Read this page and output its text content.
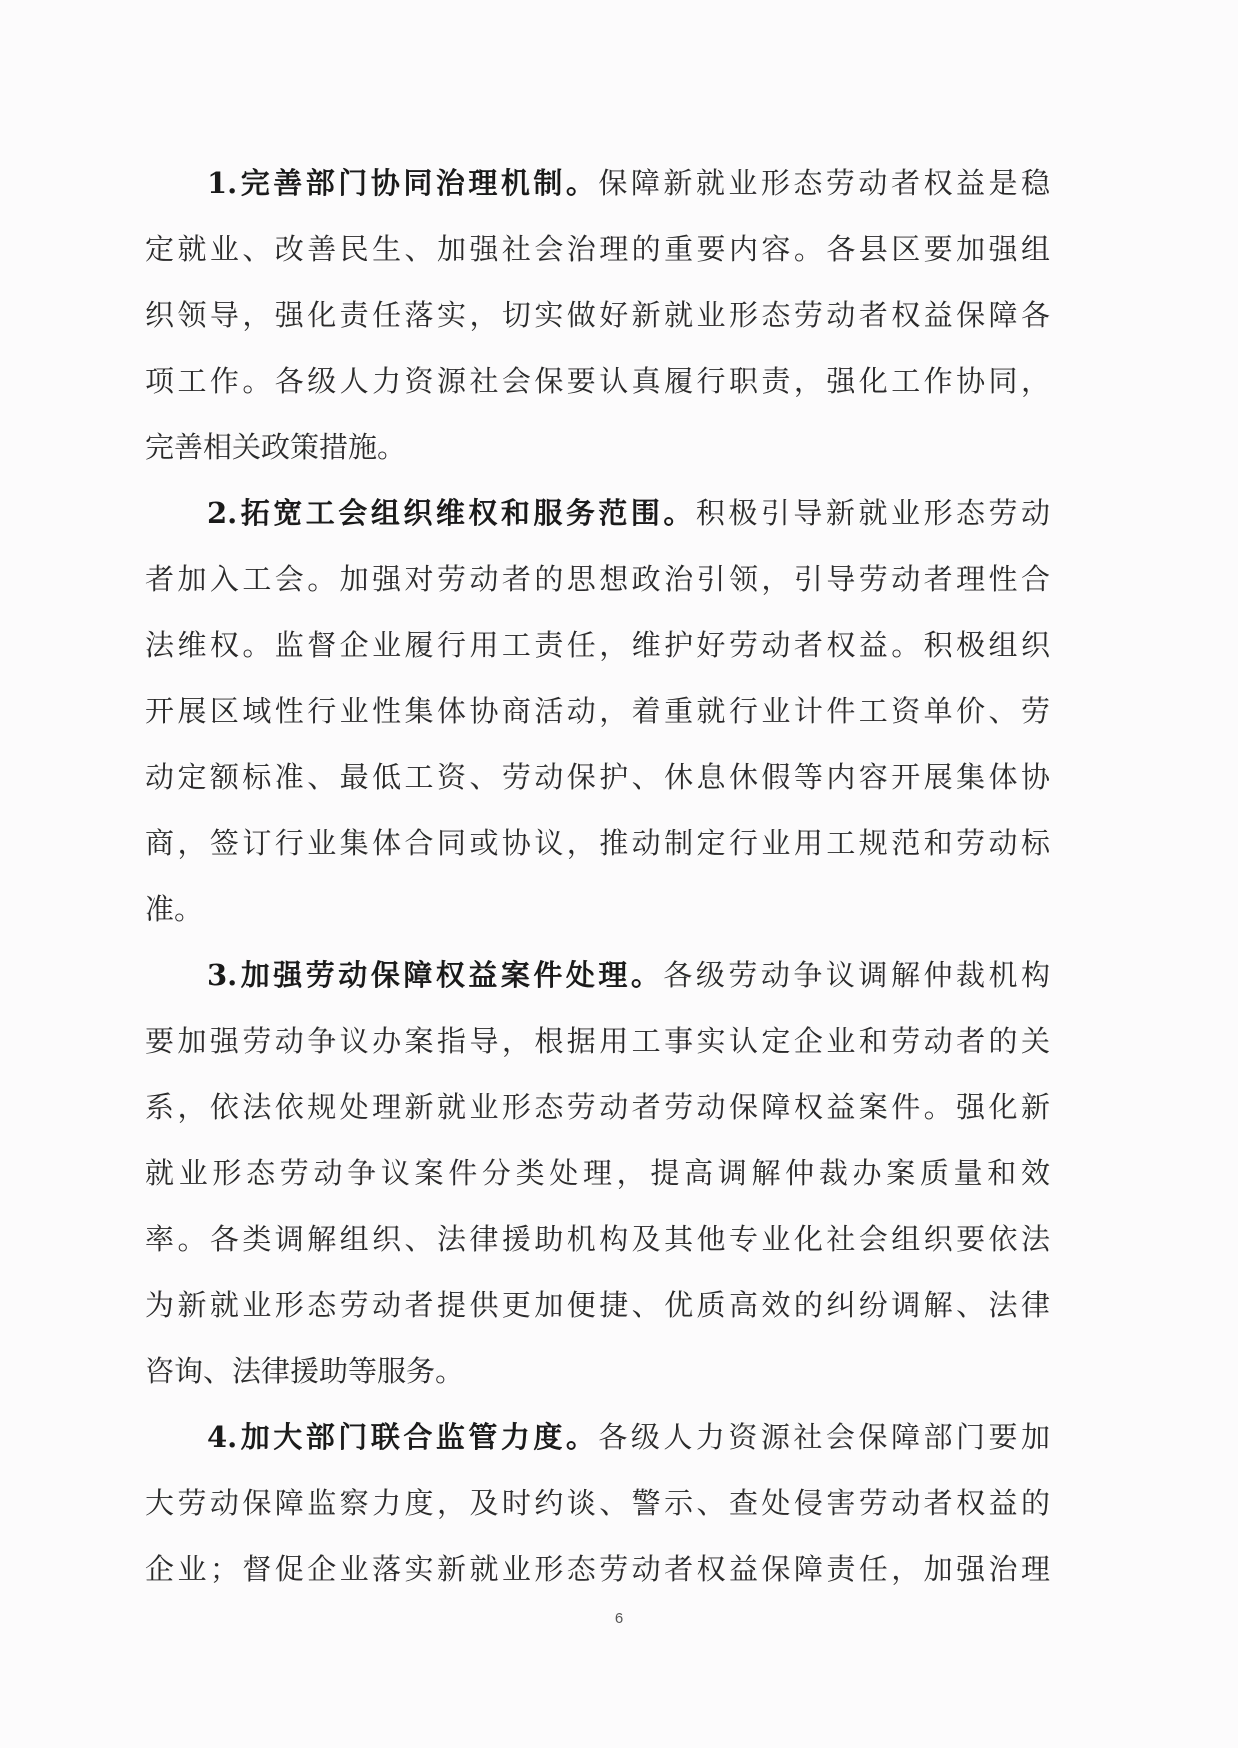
1.完善部门协同治理机制。保障新就业形态劳动者权益是稳
定就业、改善民生、加强社会治理的重要内容。各县区要加强组
织领导，强化责任落实，切实做好新就业形态劳动者权益保障各
项工作。各级人力资源社会保要认真履行职责，强化工作协同，
完善相关政策措施。
2.拓宽工会组织维权和服务范围。积极引导新就业形态劳动
者加入工会。加强对劳动者的思想政治引领，引导劳动者理性合
法维权。监督企业履行用工责任，维护好劳动者权益。积极组织
开展区域性行业性集体协商活动，着重就行业计件工资单价、劳
动定额标准、最低工资、劳动保护、休息休假等内容开展集体协
商，签订行业集体合同或协议，推动制定行业用工规范和劳动标
准。
3.加强劳动保障权益案件处理。各级劳动争议调解仲裁机构
要加强劳动争议办案指导，根据用工事实认定企业和劳动者的关
系，依法依规处理新就业形态劳动者劳动保障权益案件。强化新
就业形态劳动争议案件分类处理，提高调解仲裁办案质量和效
率。各类调解组织、法律援助机构及其他专业化社会组织要依法
为新就业形态劳动者提供更加便捷、优质高效的纠纷调解、法律
咨询、法律援助等服务。
4.加大部门联合监管力度。各级人力资源社会保障部门要加
大劳动保障监察力度，及时约谈、警示、查处侵害劳动者权益的
企业；督促企业落实新就业形态劳动者权益保障责任，加强治理
6
